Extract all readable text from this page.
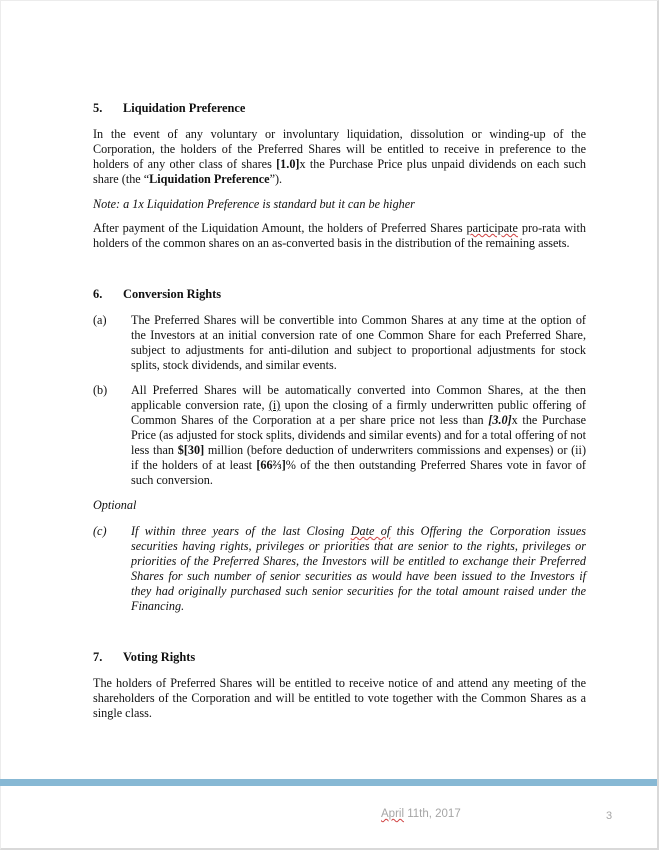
5.	Liquidation Preference

In the event of any voluntary or involuntary liquidation, dissolution or winding-up of the Corporation, the holders of the Preferred Shares will be entitled to receive in preference to the holders of any other class of shares [1.0]x the Purchase Price plus unpaid dividends on each such share (the “Liquidation Preference”).

Note: a 1x Liquidation Preference is standard but it can be higher

After payment of the Liquidation Amount, the holders of Preferred Shares participate pro-rata with holders of the common shares on an as-converted basis in the distribution of the remaining assets.

6.	Conversion Rights
(a)	The Preferred Shares will be convertible into Common Shares at any time at the option of the Investors at an initial conversion rate of one Common Share for each Preferred Share, subject to adjustments for anti-dilution and subject to proportional adjustments for stock splits, stock dividends, and similar events.

(b)	All Preferred Shares will be automatically converted into Common Shares, at the then applicable conversion rate, (i) upon the closing of a firmly underwritten public offering of Common Shares of the Corporation at a per share price not less than [3.0]x the Purchase Price (as adjusted for stock splits, dividends and similar events) and for a total offering of not less than $[30] million (before deduction of underwriters commissions and expenses) or (ii) if the holders of at least [66⅔]% of the then outstanding Preferred Shares vote in favor of such conversion.

Optional

(c)	If within three years of the last Closing Date of this Offering the Corporation issues securities having rights, privileges or priorities that are senior to the rights, privileges or priorities of the Preferred Shares, the Investors will be entitled to exchange their Preferred Shares for such number of senior securities as would have been issued to the Investors if they had originally purchased such senior securities for the total amount raised under the Financing.

7.	Voting Rights

The holders of Preferred Shares will be entitled to receive notice of and attend any meeting of the shareholders of the Corporation and will be entitled to vote together with the Common Shares as a single class.

April 11th, 2017	3
